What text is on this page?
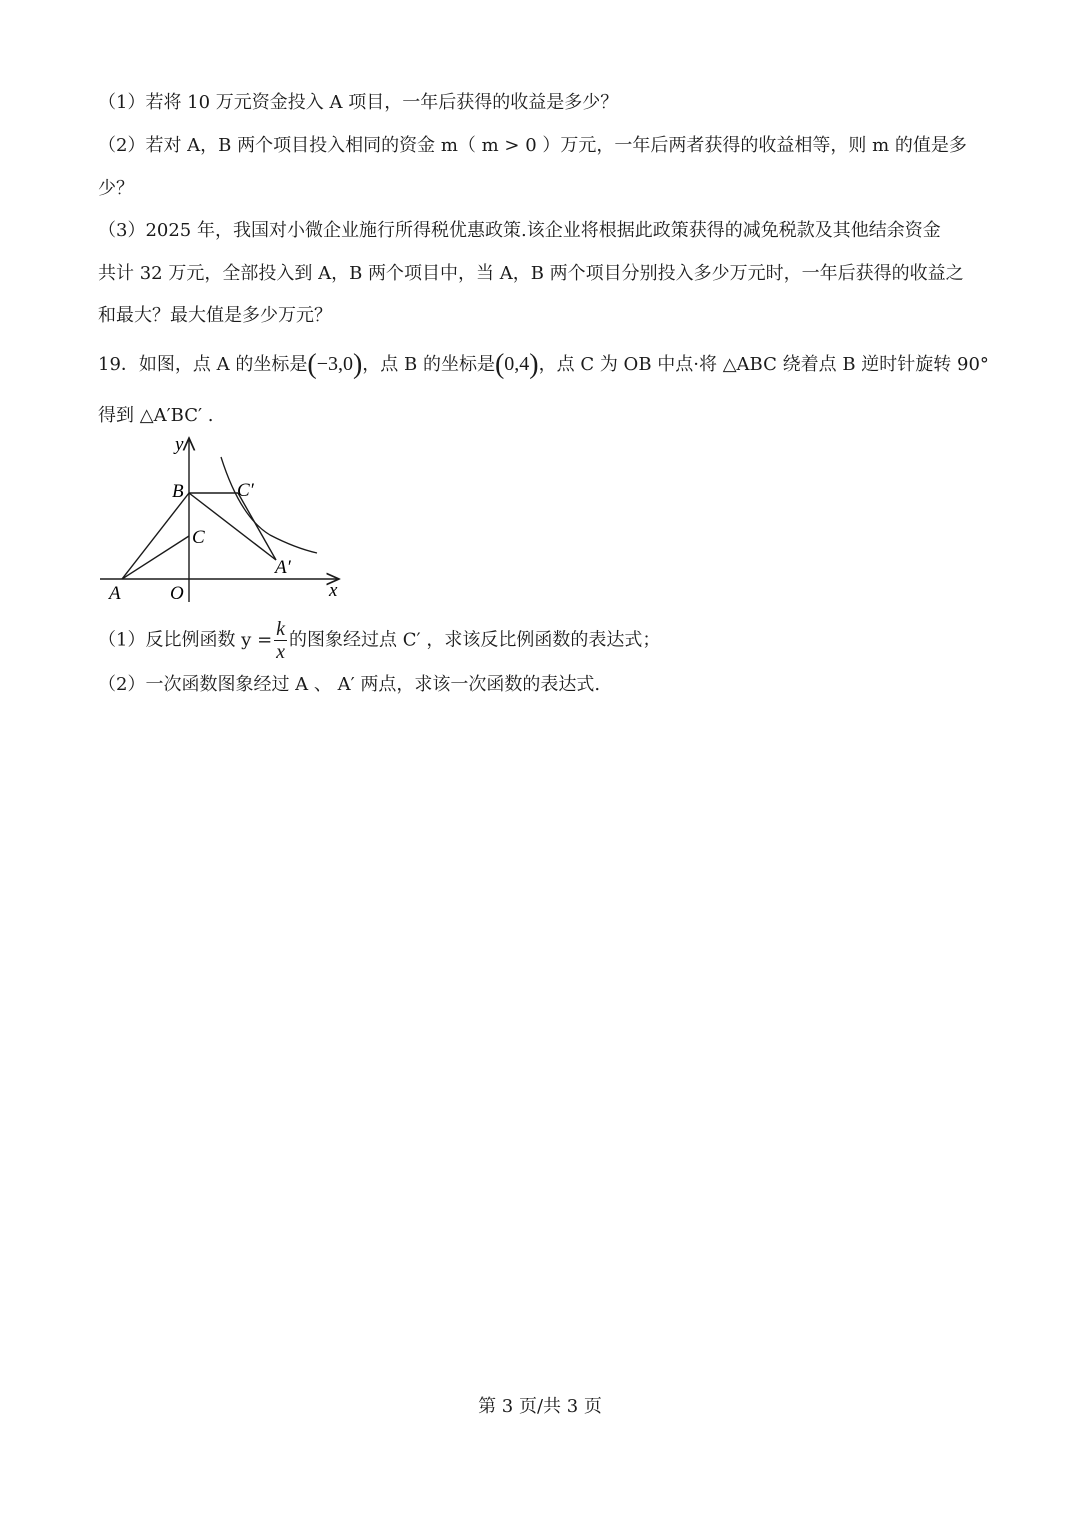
（1）若将 10 万元资金投入 A 项目，一年后获得的收益是多少？
（2）若对 A，B 两个项目投入相同的资金 m（ m > 0 ）万元，一年后两者获得的收益相等，则 m 的值是多
少？
（3）2025 年，我国对小微企业施行所得税优惠政策.该企业将根据此政策获得的减免税款及其他结余资金
共计 32 万元，全部投入到 A，B 两个项目中，当 A，B 两个项目分别投入多少万元时，一年后获得的收益之
和最大？最大值是多少万元？
19．如图，点 A 的坐标是(−3,0)，点 B 的坐标是(0,4)，点 C 为 OB 中点·将 △ABC 绕着点 B 逆时针旋转 90°
得到 △A′BC′ .
y
x
B	C′
C
A′
A	O
（1）反比例函数 $y = \frac{k}{x}$ 的图象经过点 C′ ，求该反比例函数的表达式；
（2）一次函数图象经过 A 、 A′ 两点，求该一次函数的表达式.
第 3 页/共 3 页
